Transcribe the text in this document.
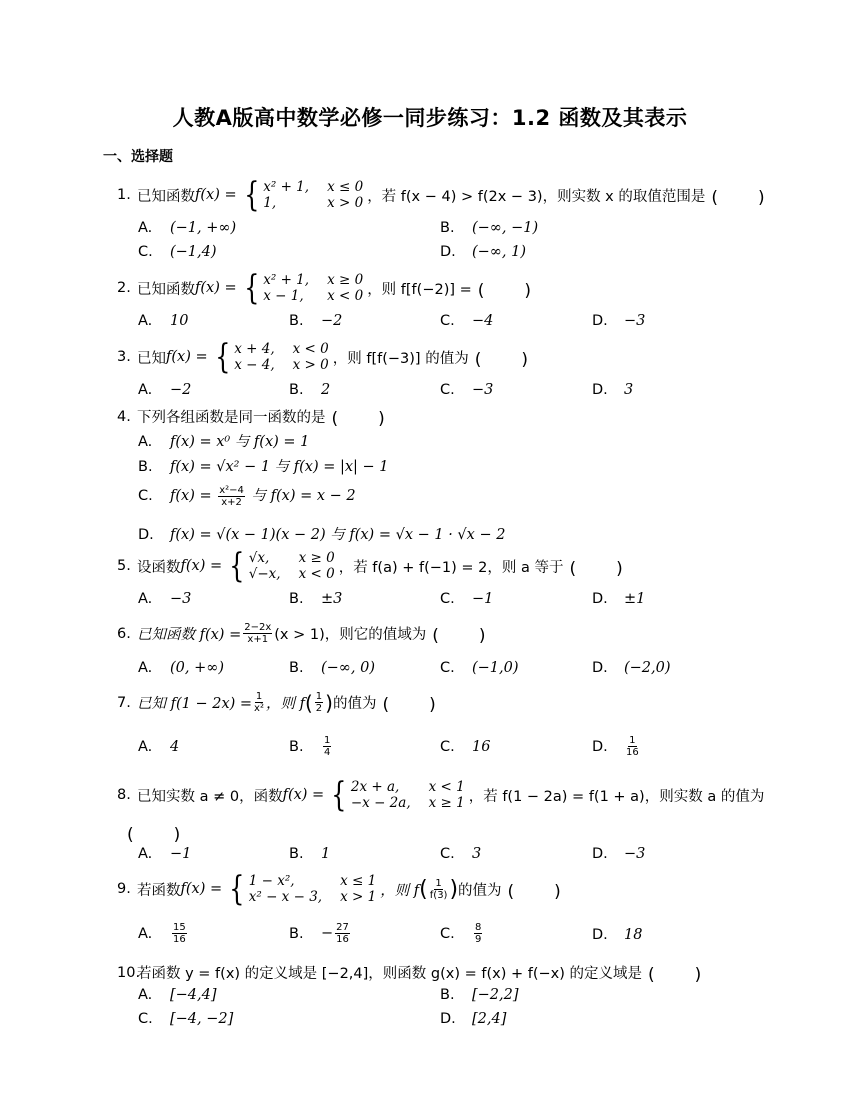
人教A版高中数学必修一同步练习：1.2 函数及其表示
一、选择题
1. 已知函数 f(x) = { x² + 1, x ≤ 0
1,	x > 0 ，若 f(x − 4) > f(2x − 3)，则实数 x 的取值范围是 (　　)
A. (−1, +∞)	B. (−∞, −1)
C. (−1,4)	D. (−∞, 1)
2. 已知函数 f(x) = { x² + 1, x ≥ 0
x − 1,	x < 0 ，则 f[f(−2)] = (　　)
A. 10	B. −2	C. −4	D. −3
3. 已知 f(x) = { x + 4, x < 0
x − 4, x > 0 ，则 f[f(−3)] 的值为 (　　)
A. −2	B. 2	C. −3	D. 3
4. 下列各组函数是同一函数的是 (　　)
A. f(x) = x⁰ 与 f(x) = 1
B. f(x) = √x² − 1 与 f(x) = |x| − 1
C. $f(x) = \frac{\text{x²−4}}{x+2}$ 与 f(x) = x − 2
D. f(x) = √(x − 1)(x − 2) 与 f(x) = √x − 1 · √x − 2
5. 设函数 f(x) = { √x,	x ≥ 0
√−x, x < 0 ，若 f(a) + f(−1) = 2，则 a 等于 (　　)
A. −3	B. ±3	C. −1	D. ±1
6. 已知函数 $f(x) = \frac{2-2x}{x+1} (x > 1)$，则它的值域为 (　　)
A. (0, +∞)	B. (−∞, 0)	C. (−1,0)	D. (−2,0)
7. 已知 $f(1 - 2x) = \frac{1}{\text{x²}}$ ，则 f ( $\frac{1}{2}$ ) 的值为 (　　)
A. 4	B. $\frac{1}{4}$	C. 16	D. $\frac{1}{16}$
8. 已知实数 a ≠ 0，函数 f(x) = { 2x + a,	x < 1
−x − 2a, x ≥ 1 ，若 f(1 − 2a) = f(1 + a)，则实数 a 的值为
(　　)
A. −1	B. 1	C. 3	D. −3
9. 若函数 f(x) = { 1 − x²,	x ≤ 1
x² − x − 3, x > 1 ，则 f ( $\frac{1}{f(3)}$ ) 的值为 (　　)
A. $\frac{15}{16}$	B. − $\frac{27}{16}$	C. $\frac{8}{9}$	D. 18
10.
若函数 y = f(x) 的定义域是 [−2,4]，则函数 g(x) = f(x) + f(−x) 的定义域是 (　　)
A. [−4,4]	B. [−2,2]
C. [−4, −2]	D. [2,4]
